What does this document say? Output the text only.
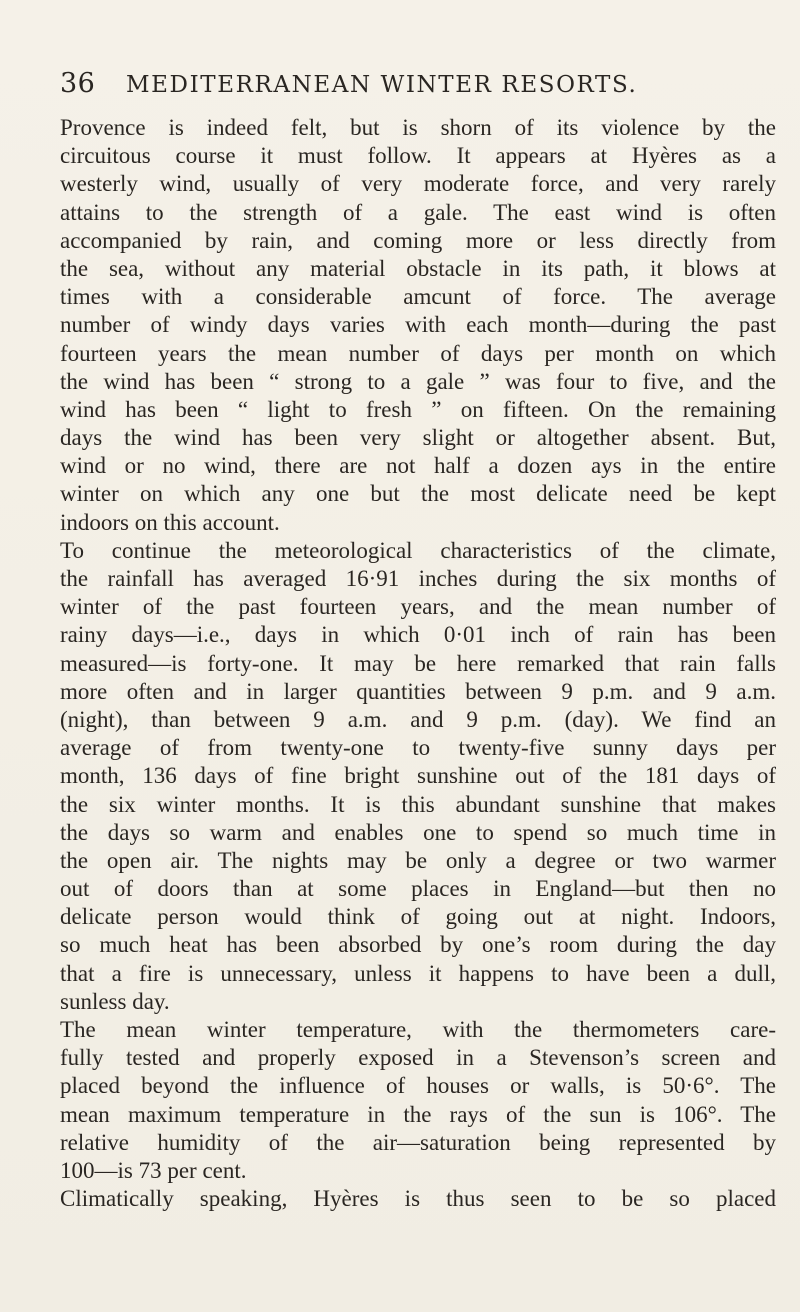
36 MEDITERRANEAN WINTER RESORTS.
Provence is indeed felt, but is shorn of its violence by the
circuitous course it must follow. It appears at Hyères as a
westerly wind, usually of very moderate force, and very rarely
attains to the strength of a gale. The east wind is often
accompanied by rain, and coming more or less directly from
the sea, without any material obstacle in its path, it blows at
times with a considerable amcunt of force. The average
number of windy days varies with each month—during the past
fourteen years the mean number of days per month on which
the wind has been “ strong to a gale ” was four to five, and the
wind has been “ light to fresh ” on fifteen. On the remaining
days the wind has been very slight or altogether absent. But,
wind or no wind, there are not half a dozen ays in the entire
winter on which any one but the most delicate need be kept
indoors on this account.
To continue the meteorological characteristics of the climate,
the rainfall has averaged 16·91 inches during the six months of
winter of the past fourteen years, and the mean number of
rainy days—i.e., days in which 0·01 inch of rain has been
measured—is forty-one. It may be here remarked that rain falls
more often and in larger quantities between 9 p.m. and 9 a.m.
(night), than between 9 a.m. and 9 p.m. (day). We find an
average of from twenty-one to twenty-five sunny days per
month, 136 days of fine bright sunshine out of the 181 days of
the six winter months. It is this abundant sunshine that makes
the days so warm and enables one to spend so much time in
the open air. The nights may be only a degree or two warmer
out of doors than at some places in England—but then no
delicate person would think of going out at night. Indoors,
so much heat has been absorbed by one’s room during the day
that a fire is unnecessary, unless it happens to have been a dull,
sunless day.
The mean winter temperature, with the thermometers care-
fully tested and properly exposed in a Stevenson’s screen and
placed beyond the influence of houses or walls, is 50·6°. The
mean maximum temperature in the rays of the sun is 106°. The
relative humidity of the air—saturation being represented by
100—is 73 per cent.
Climatically speaking, Hyères is thus seen to be so placed
